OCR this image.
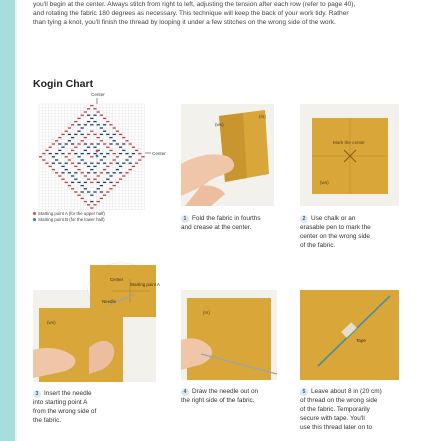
you'll begin at the center. Always stitch from right to left, adjusting the tension after each row (refer to page 40), and rotating the fabric 180 degrees as necessary. This technique will keep the back of your work tidy. Rather than tying a knot, you'll finish the thread by looping it under a few stitches on the wrong side of the work.
Kogin Chart
Center
Center
Starting point A (for the upper half)
Starting point B (for the lower half)
(ws)
(rs)
1 Fold the fabric in fourths
and crease at the center.
Mark the center
(ws)
2 Use chalk or an
erasable pen to mark the
center on the wrong side
of the fabric.
(ws)
Center
Starting point A
Needle
3 Insert the needle
into starting point A
from the wrong side of
the fabric.
(rs)
4 Draw the needle out on
the right side of the fabric.
Tape
5 Leave about 8 in (20 cm)
of thread on the wrong side
of the fabric. Temporarily
secure with tape. You'll
use this thread later on to
